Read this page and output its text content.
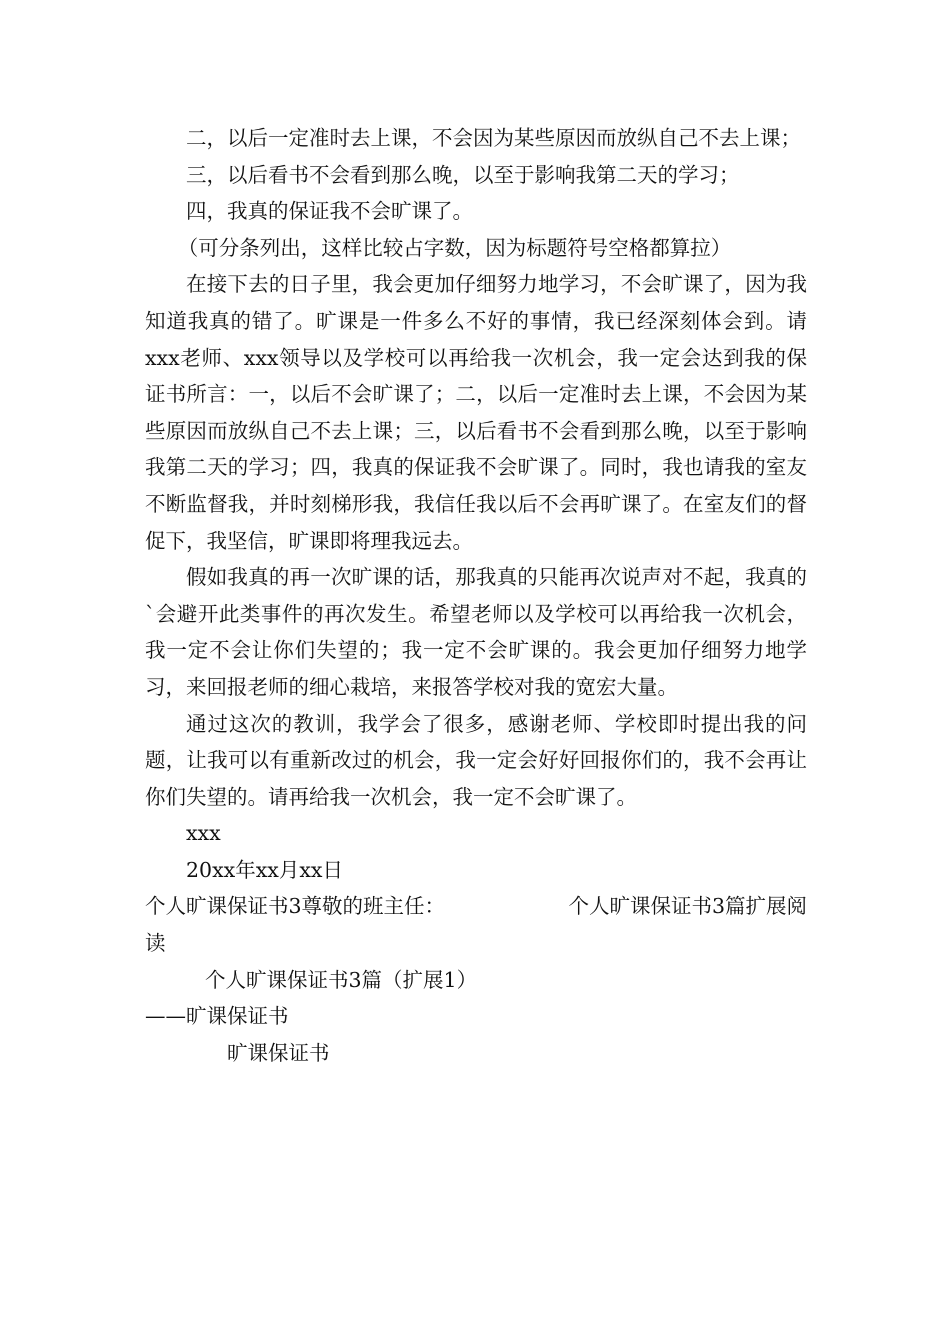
二，以后一定准时去上课，不会因为某些原因而放纵自己不去上课；

三，以后看书不会看到那么晚，以至于影响我第二天的学习；

四，我真的保证我不会旷课了。

（可分条列出，这样比较占字数，因为标题符号空格都算拉）

在接下去的日子里，我会更加仔细努力地学习，不会旷课了，因为我知道我真的错了。旷课是一件多么不好的事情，我已经深刻体会到。请xxx老师、xxx领导以及学校可以再给我一次机会，我一定会达到我的保证书所言：一，以后不会旷课了；二，以后一定准时去上课，不会因为某些原因而放纵自己不去上课；三，以后看书不会看到那么晚，以至于影响我第二天的学习；四，我真的保证我不会旷课了。同时，我也请我的室友不断监督我，并时刻梯形我，我信任我以后不会再旷课了。在室友们的督促下，我坚信，旷课即将理我远去。

假如我真的再一次旷课的话，那我真的只能再次说声对不起，我真的`会避开此类事件的再次发生。希望老师以及学校可以再给我一次机会，我一定不会让你们失望的；我一定不会旷课的。我会更加仔细努力地学习，来回报老师的细心栽培，来报答学校对我的宽宏大量。

通过这次的教训，我学会了很多，感谢老师、学校即时提出我的问题，让我可以有重新改过的机会，我一定会好好回报你们的，我不会再让你们失望的。请再给我一次机会，我一定不会旷课了。

xxx

20xx年xx月xx日

个人旷课保证书3尊敬的班主任：	个人旷课保证书3篇扩展阅

读

个人旷课保证书3篇（扩展1）

——旷课保证书

旷课保证书
